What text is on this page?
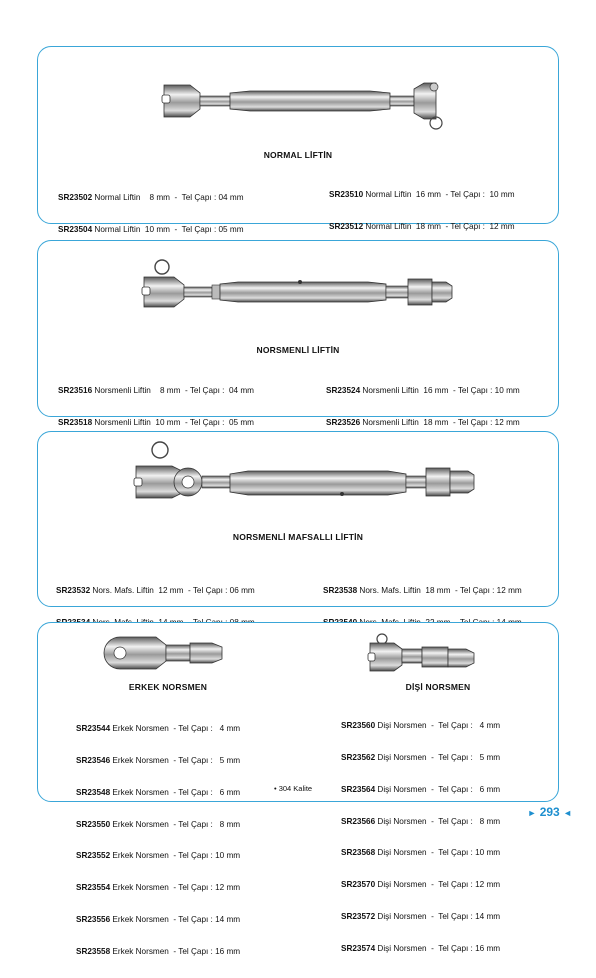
NORMAL LİFTİN

SR23502 Normal Liftin    8 mm  -  Tel Çapı : 04 mm

SR23504 Normal Liftin  10 mm  -  Tel Çapı : 05 mm

SR23510 Normal Liftin  16 mm  - Tel Çapı :  10 mm

SR23512 Normal Liftin  18 mm  - Tel Çapı :  12 mm

NORSMENLİ LİFTİN

SR23516 Norsmenli Liftin    8 mm  - Tel Çapı :  04 mm

SR23518 Norsmenli Liftin  10 mm  - Tel Çapı :  05 mm

SR23524 Norsmenli Liftin  16 mm  - Tel Çapı : 10 mm

SR23526 Norsmenli Liftin  18 mm  - Tel Çapı : 12 mm

NORSMENLİ MAFSALLI LİFTİN

SR23532 Nors. Mafs. Liftin  12 mm  - Tel Çapı : 06 mm

	SR23538 Nors. Mafs. Liftin  18 mm  - Tel Çapı : 12 mm

ERKEK NORSMEN	DİŞİ NORSMEN

SR23544 Erkek Norsmen  - Tel Çapı :   4 mm

SR23546 Erkek Norsmen  - Tel Çapı :   5 mm

SR23548 Erkek Norsmen  - Tel Çapı :   6 mm

SR23550 Erkek Norsmen  - Tel Çapı :   8 mm

SR23552 Erkek Norsmen  - Tel Çapı : 10 mm

SR23554 Erkek Norsmen  - Tel Çapı : 12 mm

SR23556 Erkek Norsmen  - Tel Çapı : 14 mm

SR23558 Erkek Norsmen  - Tel Çapı : 16 mm

SR23560 Dişi Norsmen  -  Tel Çapı :   4 mm

SR23562 Dişi Norsmen  -  Tel Çapı :   5 mm

SR23564 Dişi Norsmen  -  Tel Çapı :   6 mm

SR23566 Dişi Norsmen  -  Tel Çapı :   8 mm

SR23568 Dişi Norsmen  -  Tel Çapı : 10 mm

SR23570 Dişi Norsmen  -  Tel Çapı : 12 mm

SR23572 Dişi Norsmen  -  Tel Çapı : 14 mm

SR23574 Dişi Norsmen  -  Tel Çapı : 16 mm

• 304 Kalite
► 293 ◄
